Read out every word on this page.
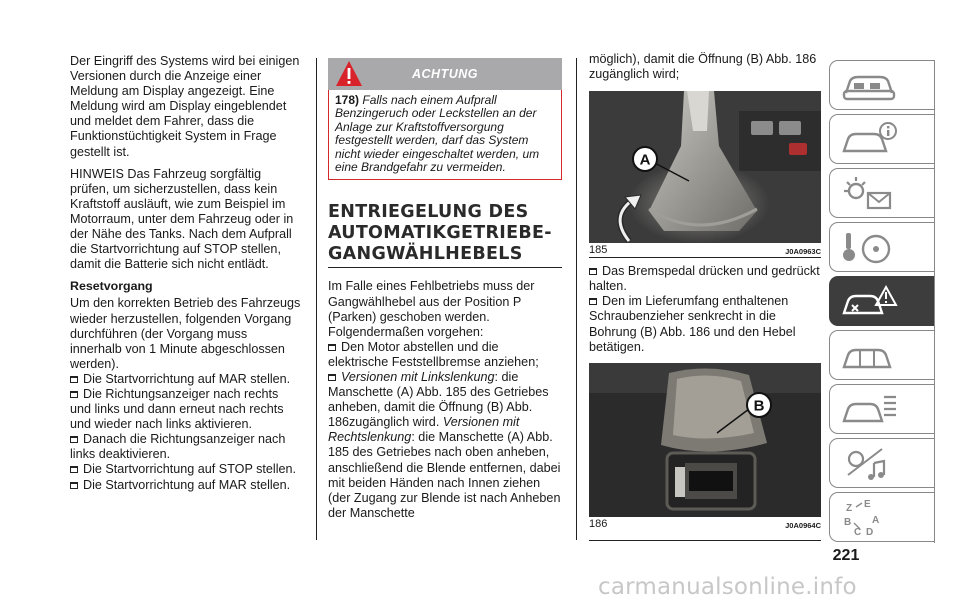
Der Eingriff des Systems wird bei einigen Versionen durch die Anzeige einer Meldung am Display angezeigt. Eine Meldung wird am Display eingeblendet und meldet dem Fahrer, dass die Funktionstüchtigkeit System in Frage gestellt ist.

HINWEIS Das Fahrzeug sorgfältig prüfen, um sicherzustellen, dass kein Kraftstoff ausläuft, wie zum Beispiel im Motorraum, unter dem Fahrzeug oder in der Nähe des Tanks. Nach dem Aufprall die Startvorrichtung auf STOP stellen, damit die Batterie sich nicht entlädt.

Resetvorgang

Um den korrekten Betrieb des Fahrzeugs wieder herzustellen, folgenden Vorgang durchführen (der Vorgang muss innerhalb von 1 Minute abgeschlossen werden).

Die Startvorrichtung auf MAR stellen.
Die Richtungsanzeiger nach rechts und links und dann erneut nach rechts und wieder nach links aktivieren.
Danach die Richtungsanzeiger nach links deaktivieren.
Die Startvorrichtung auf STOP stellen.
Die Startvorrichtung auf MAR stellen.
ACHTUNG
178) Falls nach einem Aufprall Benzingeruch oder Leckstellen an der Anlage zur Kraftstoffversorgung festgestellt werden, darf das System nicht wieder eingeschaltet werden, um eine Brandgefahr zu vermeiden.
ENTRIEGELUNG DES AUTOMATIKGETRIEBE-GANGWÄHLHEBELS

Im Falle eines Fehlbetriebs muss der Gangwählhebel aus der Position P (Parken) geschoben werden. Folgendermaßen vorgehen:

Den Motor abstellen und die elektrische Feststellbremse anziehen;
Versionen mit Linkslenkung: die Manschette (A) Abb. 185 des Getriebes anheben, damit die Öffnung (B) Abb. 186zugänglich wird. Versionen mit Rechtslenkung: die Manschette (A) Abb. 185 des Getriebes nach oben anheben, anschließend die Blende entfernen, dabei mit beiden Händen nach Innen ziehen (der Zugang zur Blende ist nach Anheben der Manschette

möglich), damit die Öffnung (B) Abb. 186 zugänglich wird;

A
185	J0A0963C
Das Bremspedal drücken und gedrückt halten.
Den im Lieferumfang enthaltenen Schraubenzieher senkrecht in die Bohrung (B) Abb. 186 und den Hebel betätigen.
B
186	J0A0964C
Z E
B A
C D
221
carmanualsonline.info
